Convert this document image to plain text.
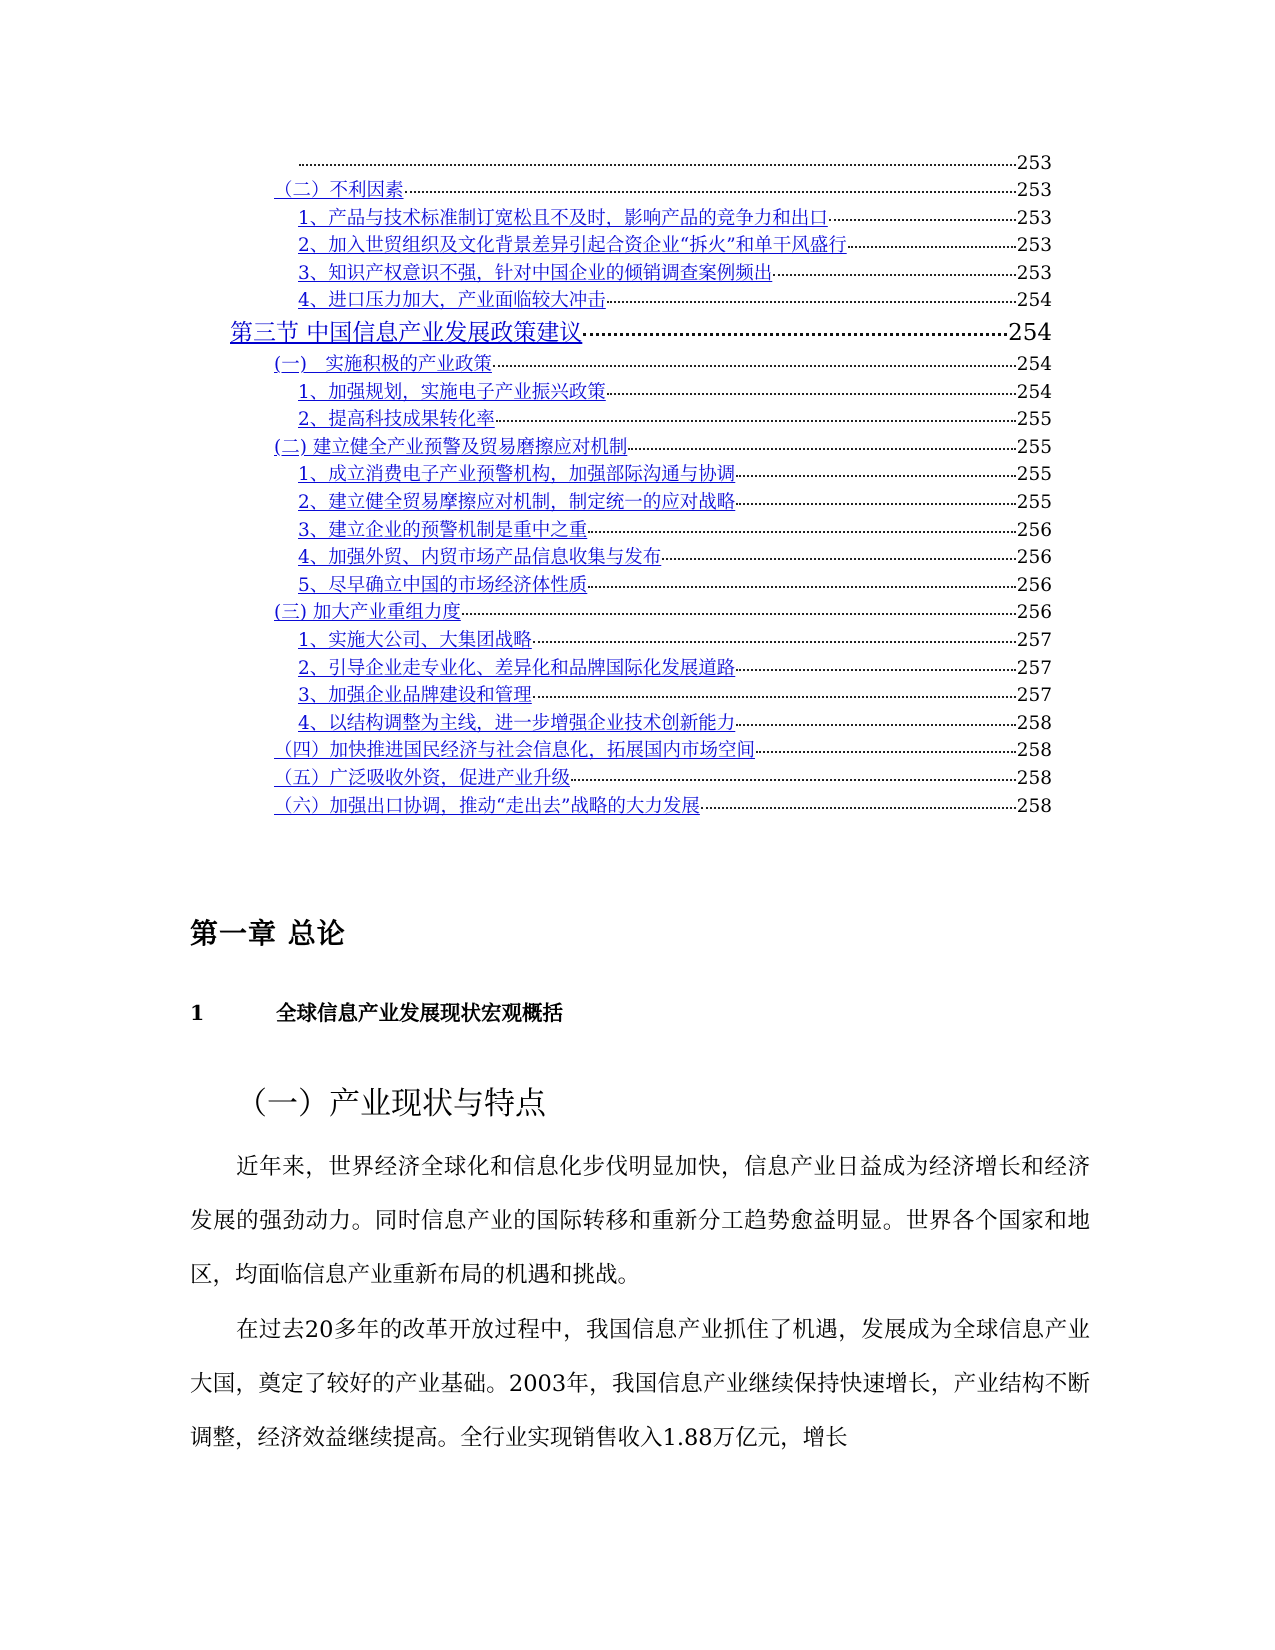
253
（二）不利因素	253
1、产品与技术标准制订宽松且不及时，影响产品的竞争力和出口	253
2、加入世贸组织及文化背景差异引起合资企业“拆火”和单干风盛行	253
3、知识产权意识不强，针对中国企业的倾销调查案例频出	253
4、进口压力加大，产业面临较大冲击	254
第三节 中国信息产业发展政策建议	254
(一)　实施积极的产业政策	254
1、加强规划，实施电子产业振兴政策	254
2、提高科技成果转化率	255
(二) 建立健全产业预警及贸易磨擦应对机制	255
1、成立消费电子产业预警机构，加强部际沟通与协调	255
2、建立健全贸易摩擦应对机制，制定统一的应对战略	255
3、建立企业的预警机制是重中之重	256
4、加强外贸、内贸市场产品信息收集与发布	256
5、尽早确立中国的市场经济体性质	256
(三) 加大产业重组力度	256
1、实施大公司、大集团战略	257
2、引导企业走专业化、差异化和品牌国际化发展道路	257
3、加强企业品牌建设和管理	257
4、以结构调整为主线，进一步增强企业技术创新能力	258
（四）加快推进国民经济与社会信息化，拓展国内市场空间	258
（五）广泛吸收外资，促进产业升级	258
（六）加强出口协调，推动“走出去”战略的大力发展	258
第一章 总论
1	全球信息产业发展现状宏观概括
（一）产业现状与特点

近年来，世界经济全球化和信息化步伐明显加快，信息产业日益成为经济增长和经济发展的强劲动力。同时信息产业的国际转移和重新分工趋势愈益明显。世界各个国家和地区，均面临信息产业重新布局的机遇和挑战。

在过去20多年的改革开放过程中，我国信息产业抓住了机遇，发展成为全球信息产业大国，奠定了较好的产业基础。2003年，我国信息产业继续保持快速增长，产业结构不断调整，经济效益继续提高。全行业实现销售收入1.88万亿元，增长
